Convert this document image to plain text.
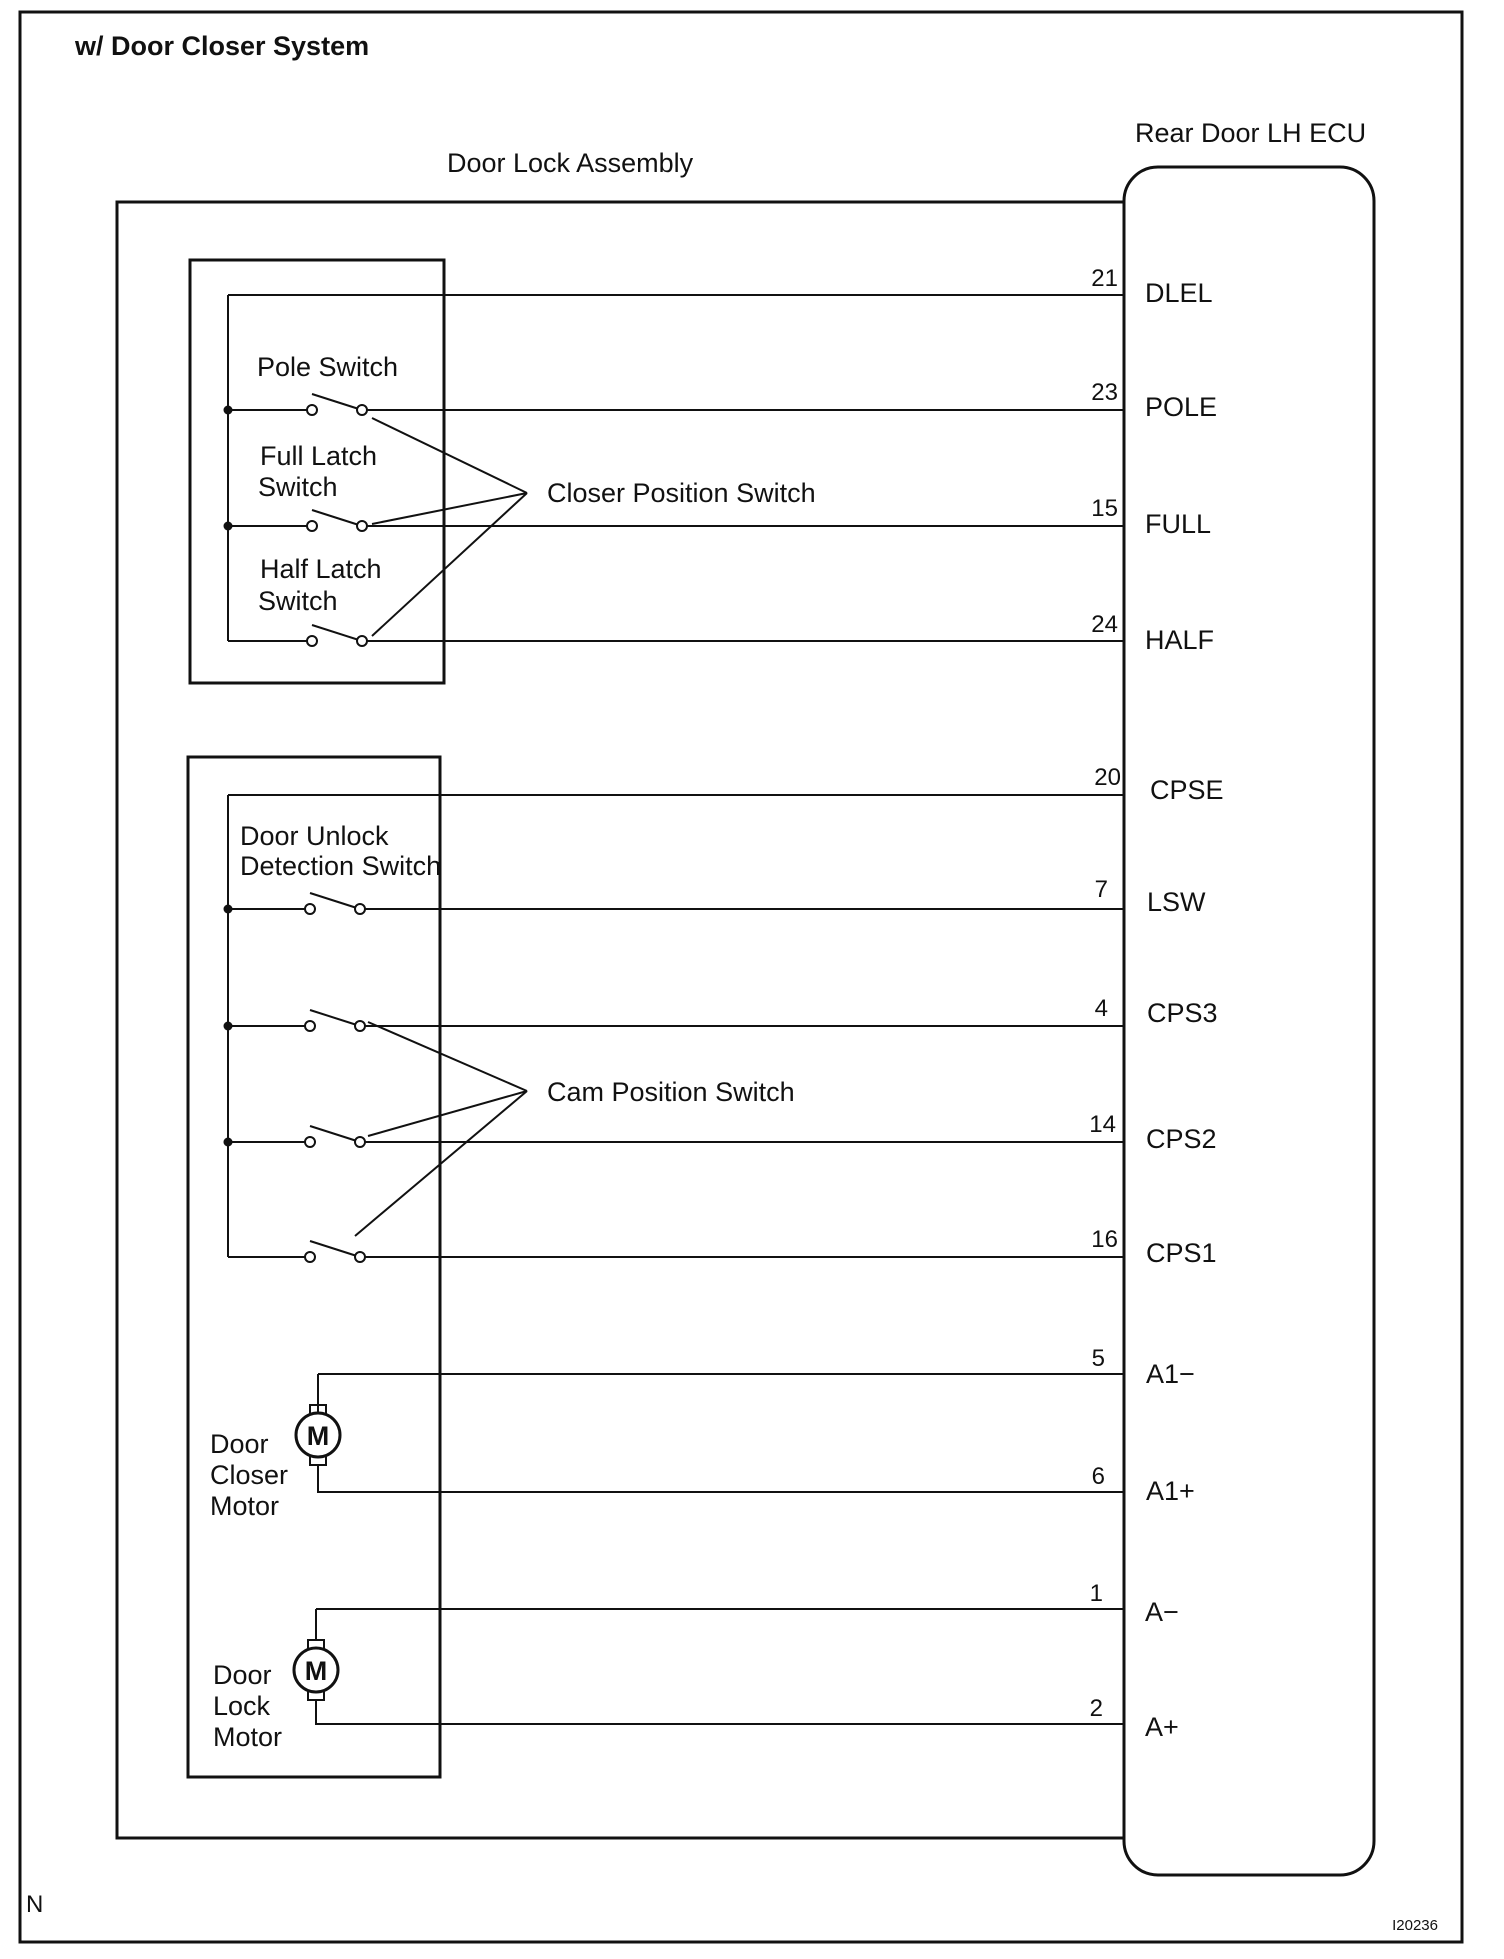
w/ Door Closer System
Door Lock Assembly
Rear Door LH ECU
M
M
Pole Switch
Full Latch
Switch
Half Latch
Switch
Closer Position Switch
Door Unlock
Detection Switch
Cam Position Switch
Door
Closer
Motor
Door
Lock
Motor
21 DLEL
23 POLE
15
FULL
24
HALF
20 CPSE
7 LSW
4 CPS3
14 CPS2
16 CPS1
5
A1−
6 A1+
1
A−
2
A+
N
I20236
